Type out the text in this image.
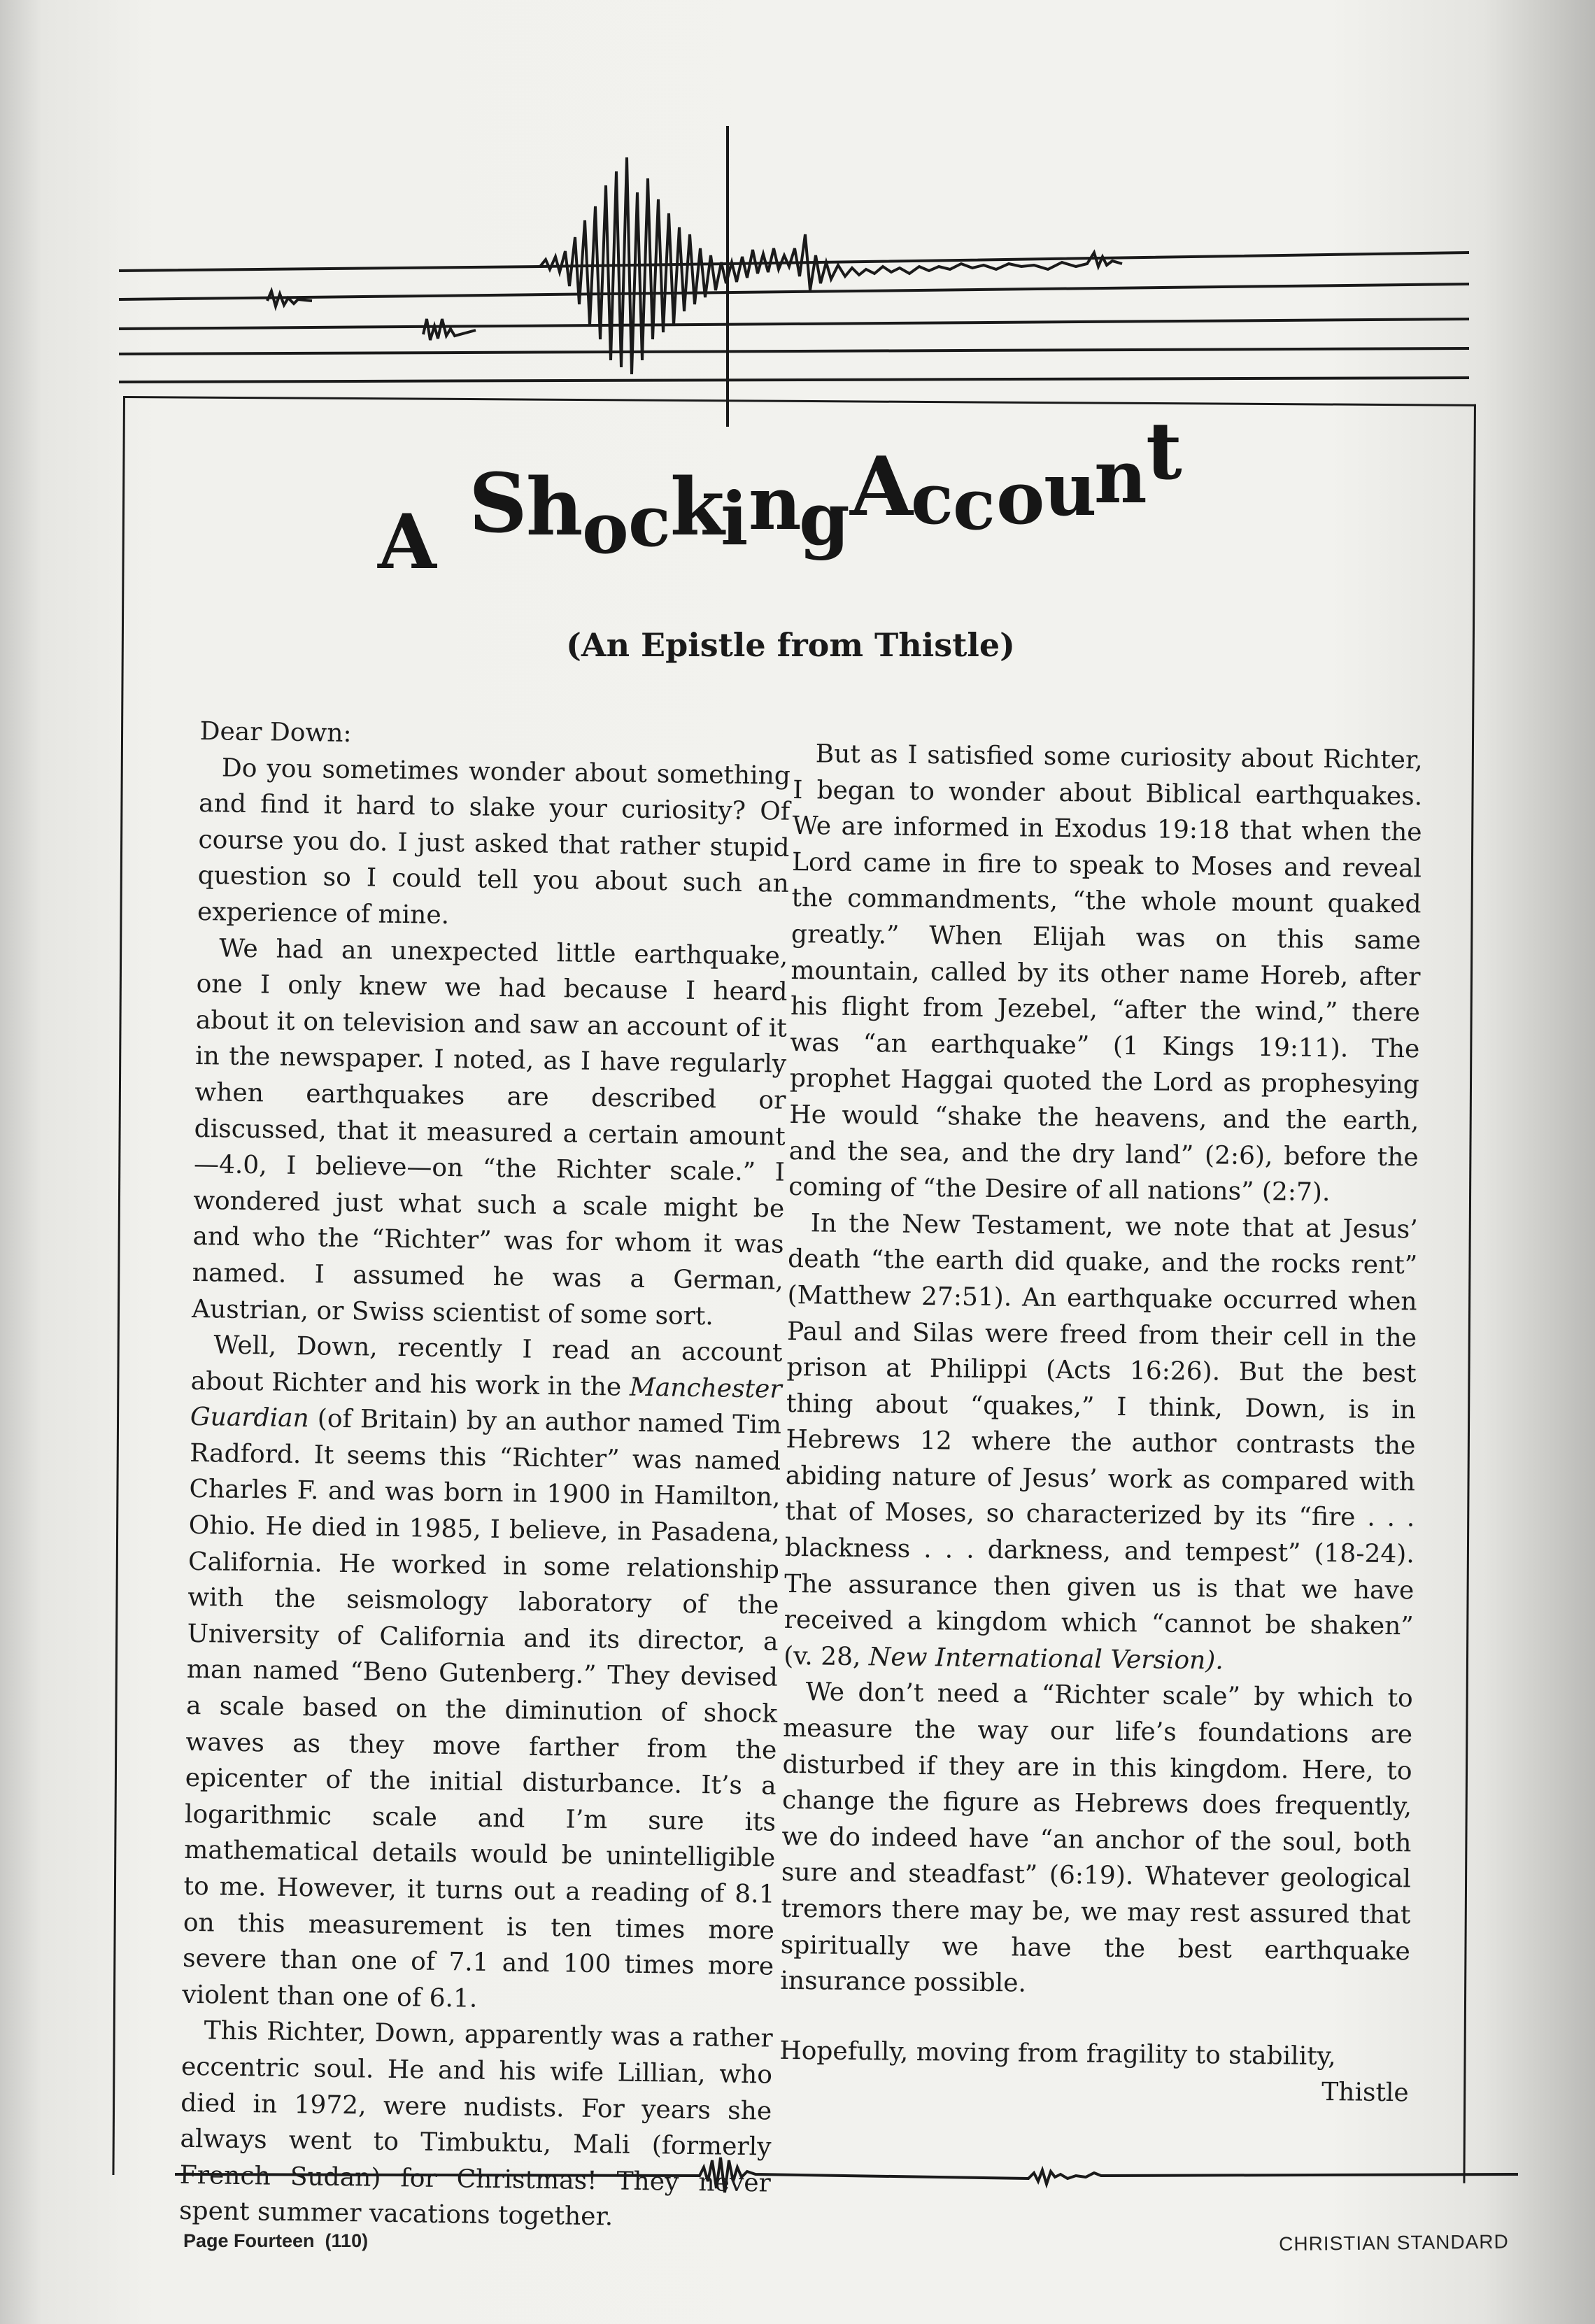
A S
h
o
c
k
i
n
g
A
c
c o
u
n
t
(An Epistle from Thistle)

Dear Down:

Do you sometimes wonder about something and find it hard to slake your curiosity? Of course you do. I just asked that rather stupid question so I could tell you about such an experience of mine.

We had an unexpected little earthquake, one I only knew we had because I heard about it on television and saw an account of it in the newspaper. I noted, as I have regularly when earthquakes are described or discussed, that it measured a certain amount—4.0, I believe—on “the Richter scale.” I wondered just what such a scale might be and who the “Richter” was for whom it was named. I assumed he was a German, Austrian, or Swiss scientist of some sort.

Well, Down, recently I read an account about Richter and his work in the Manchester Guardian (of Britain) by an author named Tim Radford. It seems this “Richter” was named Charles F. and was born in 1900 in Hamilton, Ohio. He died in 1985, I believe, in Pasadena, California. He worked in some relationship with the seismology laboratory of the University of California and its director, a man named “Beno Gutenberg.” They devised a scale based on the diminution of shock waves as they move farther from the epicenter of the initial disturbance. It’s a logarithmic scale and I’m sure its mathematical details would be unintelligible to me. However, it turns out a reading of 8.1 on this measurement is ten times more severe than one of 7.1 and 100 times more violent than one of 6.1.

This Richter, Down, apparently was a rather eccentric soul. He and his wife Lillian, who died in 1972, were nudists. For years she always went to Timbuktu, Mali (formerly French Sudan) for Christmas! They never spent summer vacations together.

But as I satisfied some curiosity about Richter, I began to wonder about Biblical earthquakes. We are informed in Exodus 19:18 that when the Lord came in fire to speak to Moses and reveal the commandments, “the whole mount quaked greatly.” When Elijah was on this same mountain, called by its other name Horeb, after his flight from Jezebel, “after the wind,” there was “an earthquake” (1 Kings 19:11). The prophet Haggai quoted the Lord as prophesying He would “shake the heavens, and the earth, and the sea, and the dry land” (2:6), before the coming of “the Desire of all nations” (2:7).

In the New Testament, we note that at Jesus’ death “the earth did quake, and the rocks rent” (Matthew 27:51). An earthquake occurred when Paul and Silas were freed from their cell in the prison at Philippi (Acts 16:26). But the best thing about “quakes,” I think, Down, is in Hebrews 12 where the author contrasts the abiding nature of Jesus’ work as compared with that of Moses, so characterized by its “fire . . . blackness . . . darkness, and tempest” (18-24). The assurance then given us is that we have received a kingdom which “cannot be shaken” (v. 28, New International Version).

We don’t need a “Richter scale” by which to measure the way our life’s foundations are disturbed if they are in this kingdom. Here, to change the figure as Hebrews does frequently, we do indeed have “an anchor of the soul, both sure and steadfast” (6:19). Whatever geological tremors there may be, we may rest assured that spiritually we have the best earthquake insurance possible.

Hopefully, moving from fragility to stability,

Thistle

Page Fourteen  (110)	CHRISTIAN STANDARD
